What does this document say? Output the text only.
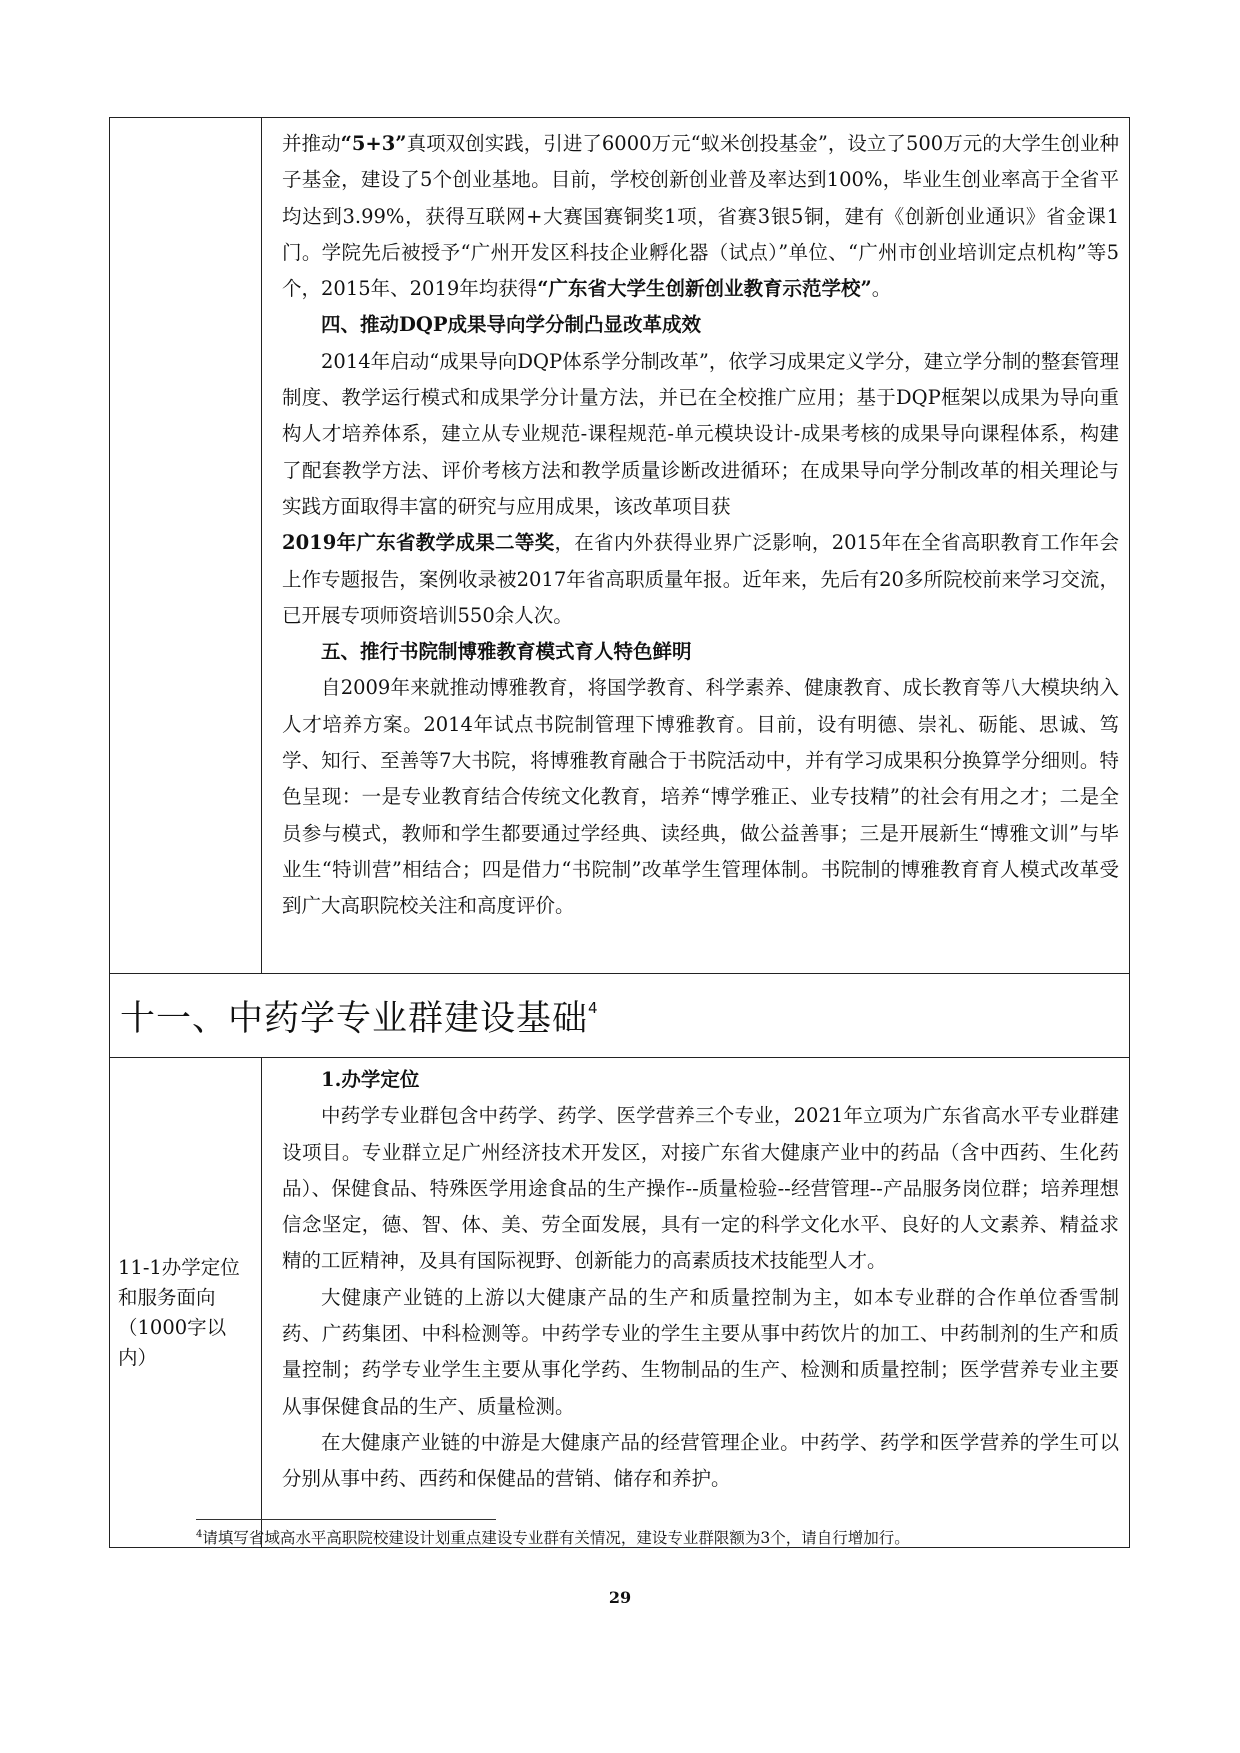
并推动“5+3”真项双创实践，引进了6000万元“蚁米创投基金”，设立了500万元的大学生创业种子基金，建设了5个创业基地。目前，学校创新创业普及率达到100%，毕业生创业率高于全省平均达到3.99%，获得互联网+大赛国赛铜奖1项，省赛3银5铜，建有《创新创业通识》省金课1门。学院先后被授予“广州开发区科技企业孵化器（试点）”单位、“广州市创业培训定点机构”等5个，2015年、2019年均获得“广东省大学生创新创业教育示范学校”。

四、推动DQP成果导向学分制凸显改革成效

2014年启动“成果导向DQP体系学分制改革”，依学习成果定义学分，建立学分制的整套管理制度、教学运行模式和成果学分计量方法，并已在全校推广应用；基于DQP框架以成果为导向重构人才培养体系，建立从专业规范-课程规范-单元模块设计-成果考核的成果导向课程体系，构建了配套教学方法、评价考核方法和教学质量诊断改进循环；在成果导向学分制改革的相关理论与实践方面取得丰富的研究与应用成果，该改革项目获
2019年广东省教学成果二等奖，在省内外获得业界广泛影响，2015年在全省高职教育工作年会上作专题报告，案例收录被2017年省高职质量年报。近年来，先后有20多所院校前来学习交流，已开展专项师资培训550余人次。

五、推行书院制博雅教育模式育人特色鲜明

自2009年来就推动博雅教育，将国学教育、科学素养、健康教育、成长教育等八大模块纳入人才培养方案。2014年试点书院制管理下博雅教育。目前，设有明德、崇礼、砺能、思诚、笃学、知行、至善等7大书院，将博雅教育融合于书院活动中，并有学习成果积分换算学分细则。特色呈现：一是专业教育结合传统文化教育，培养“博学雅正、业专技精”的社会有用之才；二是全员参与模式，教师和学生都要通过学经典、读经典，做公益善事；三是开展新生“博雅文训”与毕业生“特训营”相结合；四是借力“书院制”改革学生管理体制。书院制的博雅教育育人模式改革受到广大高职院校关注和高度评价。

十一、中药学专业群建设基础$^4$
11-1办学定位和服务面向（1000字以内）

1.办学定位

中药学专业群包含中药学、药学、医学营养三个专业，2021年立项为广东省高水平专业群建设项目。专业群立足广州经济技术开发区，对接广东省大健康产业中的药品（含中西药、生化药品）、保健食品、特殊医学用途食品的生产操作--质量检验--经营管理--产品服务岗位群；培养理想信念坚定，德、智、体、美、劳全面发展，具有一定的科学文化水平、良好的人文素养、精益求精的工匠精神，及具有国际视野、创新能力的高素质技术技能型人才。

大健康产业链的上游以大健康产品的生产和质量控制为主，如本专业群的合作单位香雪制药、广药集团、中科检测等。中药学专业的学生主要从事中药饮片的加工、中药制剂的生产和质量控制；药学专业学生主要从事化学药、生物制品的生产、检测和质量控制；医学营养专业主要从事保健食品的生产、质量检测。

在大健康产业链的中游是大健康产品的经营管理企业。中药学、药学和医学营养的学生可以分别从事中药、西药和保健品的营销、储存和养护。

$^4$请填写省域高水平高职院校建设计划重点建设专业群有关情况，建设专业群限额为3个，请自行增加行。
29
